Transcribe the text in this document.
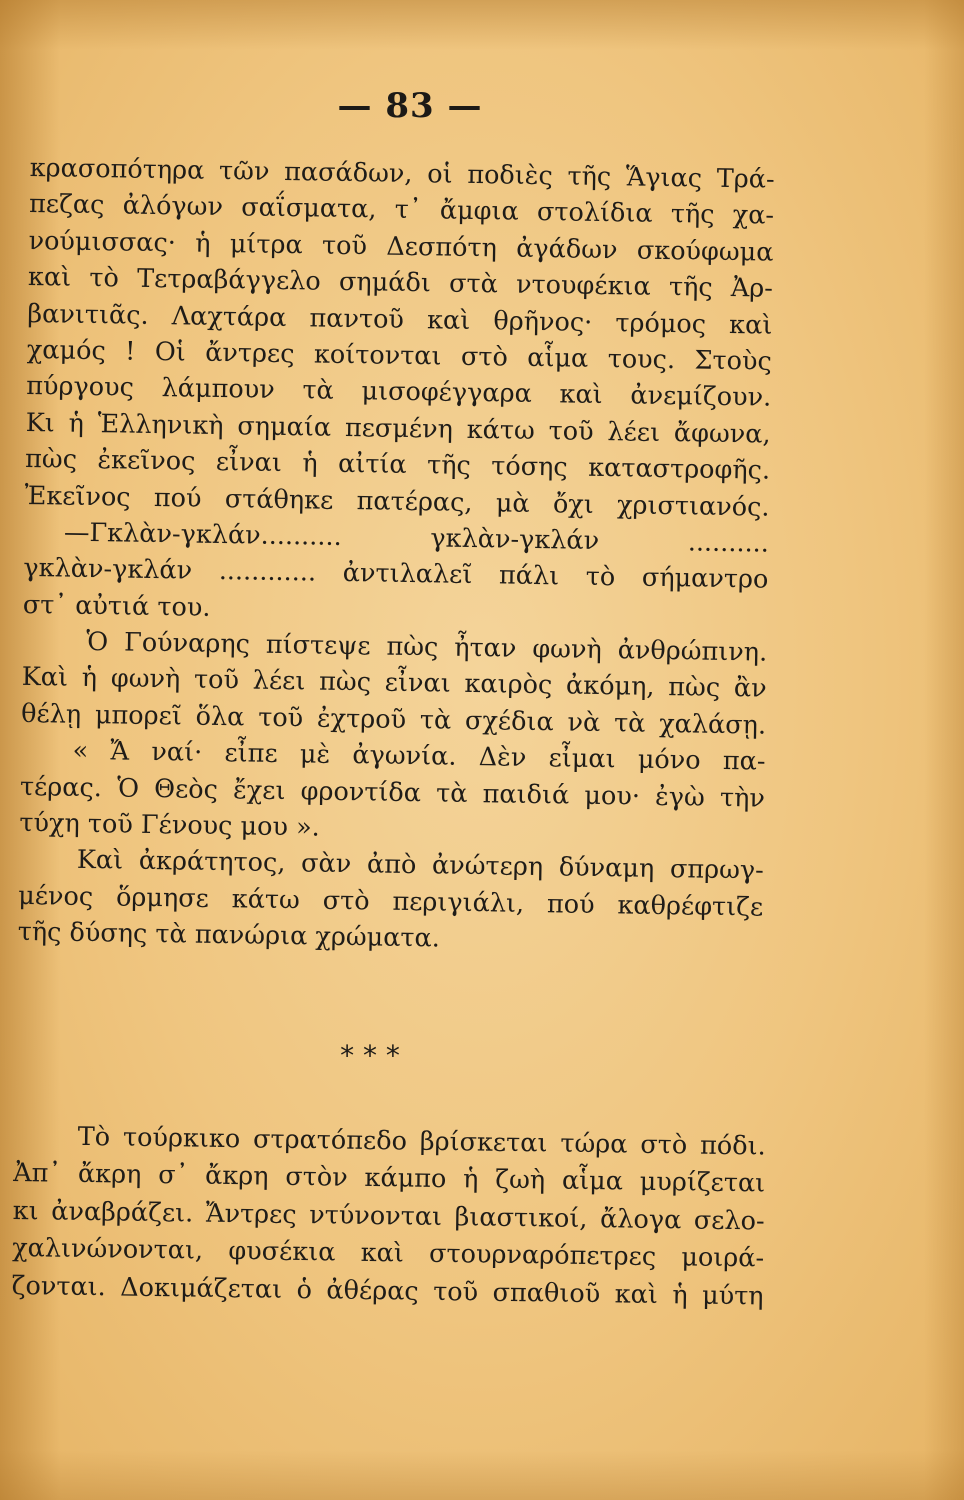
— 83 —
κρασοπότηρα τῶν πασάδων, οἱ ποδιὲς τῆς Ἅγιας Τρά-
πεζας ἀλόγων σαΐσματα, τ᾿ ἄμφια στολίδια τῆς χα-
νούμισσας· ἡ μίτρα τοῦ Δεσπότη ἀγάδων σκούφωμα
καὶ τὸ Τετραβάγγελο σημάδι στὰ ντουφέκια τῆς Ἀρ-
βανιτιᾶς. Λαχτάρα παντοῦ καὶ θρῆνος· τρόμος καὶ
χαμός ! Οἱ ἄντρες κοίτονται στὸ αἷμα τους. Στοὺς
πύργους λάμπουν τὰ μισοφέγγαρα καὶ ἀνεμίζουν.
Κι ἡ Ἑλληνικὴ σημαία πεσμένη κάτω τοῦ λέει ἄφωνα,
πὼς ἐκεῖνος εἶναι ἡ αἰτία τῆς τόσης καταστροφῆς.
Ἐκεῖνος πού στάθηκε πατέρας, μὰ ὄχι χριστιανός.
—Γκλὰν-γκλάν.......... γκλὰν-γκλάν ..........
γκλὰν-γκλάν ............ ἀντιλαλεῖ πάλι τὸ σήμαντρο
στ᾿ αὐτιά του.
Ὁ Γούναρης πίστεψε πὼς ἦταν φωνὴ ἀνθρώπινη.
Καὶ ἡ φωνὴ τοῦ λέει πὼς εἶναι καιρὸς ἀκόμη, πὼς ἂν
θέλῃ μπορεῖ ὅλα τοῦ ἐχτροῦ τὰ σχέδια νὰ τὰ χαλάσῃ.
« Ἄ ναί· εἶπε μὲ ἀγωνία. Δὲν εἶμαι μόνο πα-
τέρας. Ὁ Θεὸς ἔχει φροντίδα τὰ παιδιά μου· ἐγὼ τὴν
τύχη τοῦ Γένους μου ».
Καὶ ἀκράτητος, σὰν ἀπὸ ἀνώτερη δύναμη σπρωγ-
μένος ὅρμησε κάτω στὸ περιγιάλι, πού καθρέφτιζε
τῆς δύσης τὰ πανώρια χρώματα.
* * *
Τὸ τούρκικο στρατόπεδο βρίσκεται τώρα στὸ πόδι.
Ἀπ᾿ ἄκρη σ᾿ ἄκρη στὸν κάμπο ἡ ζωὴ αἷμα μυρίζεται
κι ἀναβράζει. Ἄντρες ντύνονται βιαστικοί, ἄλογα σελο-
χαλινώνονται, φυσέκια καὶ στουρναρόπετρες μοιρά-
ζονται. Δοκιμάζεται ὁ ἀθέρας τοῦ σπαθιοῦ καὶ ἡ μύτη
